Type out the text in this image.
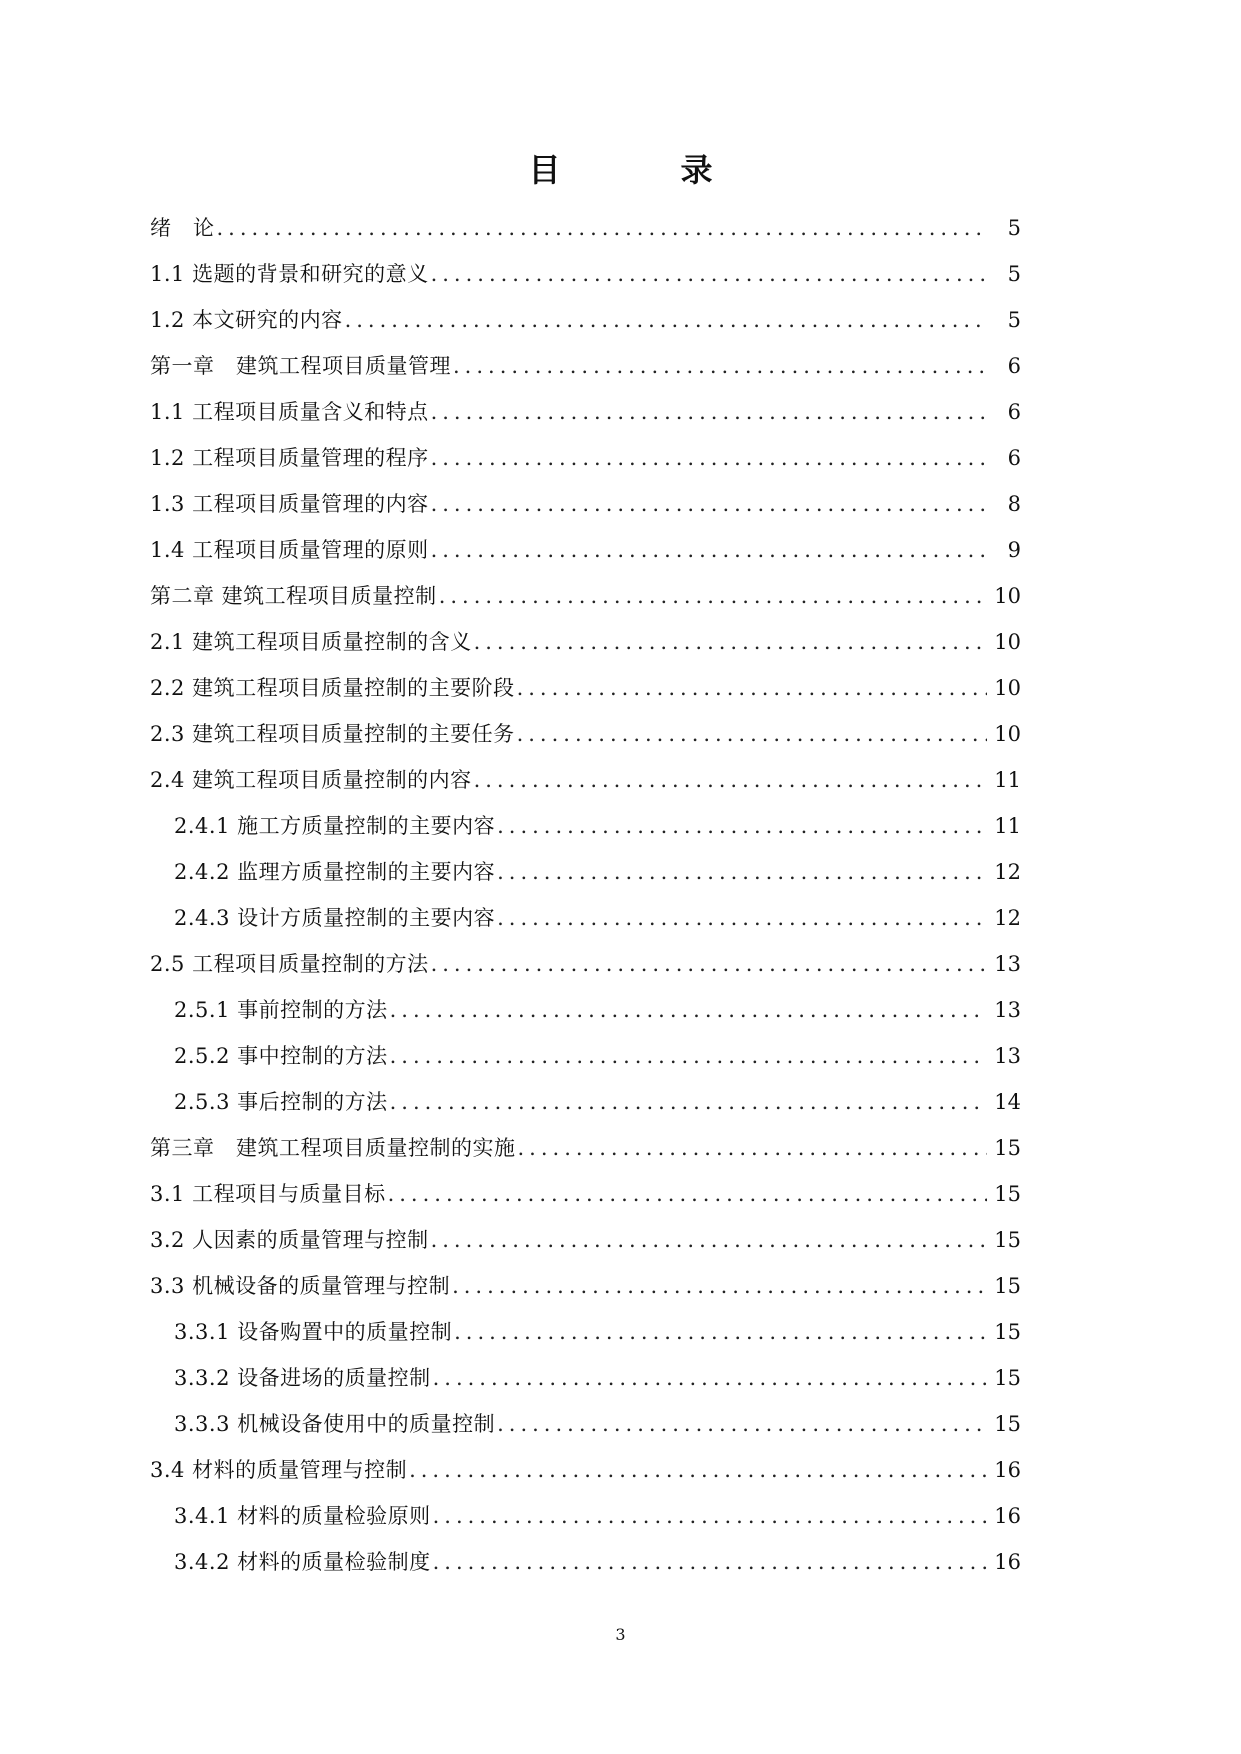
目　录
绪　论 .....	5
1.1 选题的背景和研究的意义 .....	5
1.2 本文研究的内容 .....	5
第一章　建筑工程项目质量管理 .....	6
1.1 工程项目质量含义和特点 .....	6
1.2 工程项目质量管理的程序 .....	6
1.3 工程项目质量管理的内容 .....	8
1.4 工程项目质量管理的原则 .....	9
第二章 建筑工程项目质量控制 .....	10
2.1 建筑工程项目质量控制的含义 .....	10
2.2 建筑工程项目质量控制的主要阶段 .....	10
2.3 建筑工程项目质量控制的主要任务 .....	10
2.4 建筑工程项目质量控制的内容 .....	11
2.4.1 施工方质量控制的主要内容 .....	11
2.4.2 监理方质量控制的主要内容 .....	12
2.4.3 设计方质量控制的主要内容 .....	12
2.5 工程项目质量控制的方法 .....	13
2.5.1 事前控制的方法 .....	13
2.5.2 事中控制的方法 .....	13
2.5.3 事后控制的方法 .....	14
第三章　建筑工程项目质量控制的实施 .....	15
3.1 工程项目与质量目标 .....	15
3.2 人因素的质量管理与控制 .....	15
3.3 机械设备的质量管理与控制 .....	15
3.3.1 设备购置中的质量控制 .....	15
3.3.2 设备进场的质量控制 .....	15
3.3.3 机械设备使用中的质量控制 .....	15
3.4 材料的质量管理与控制 .....	16
3.4.1 材料的质量检验原则 .....	16
3.4.2 材料的质量检验制度 .....	16
3
